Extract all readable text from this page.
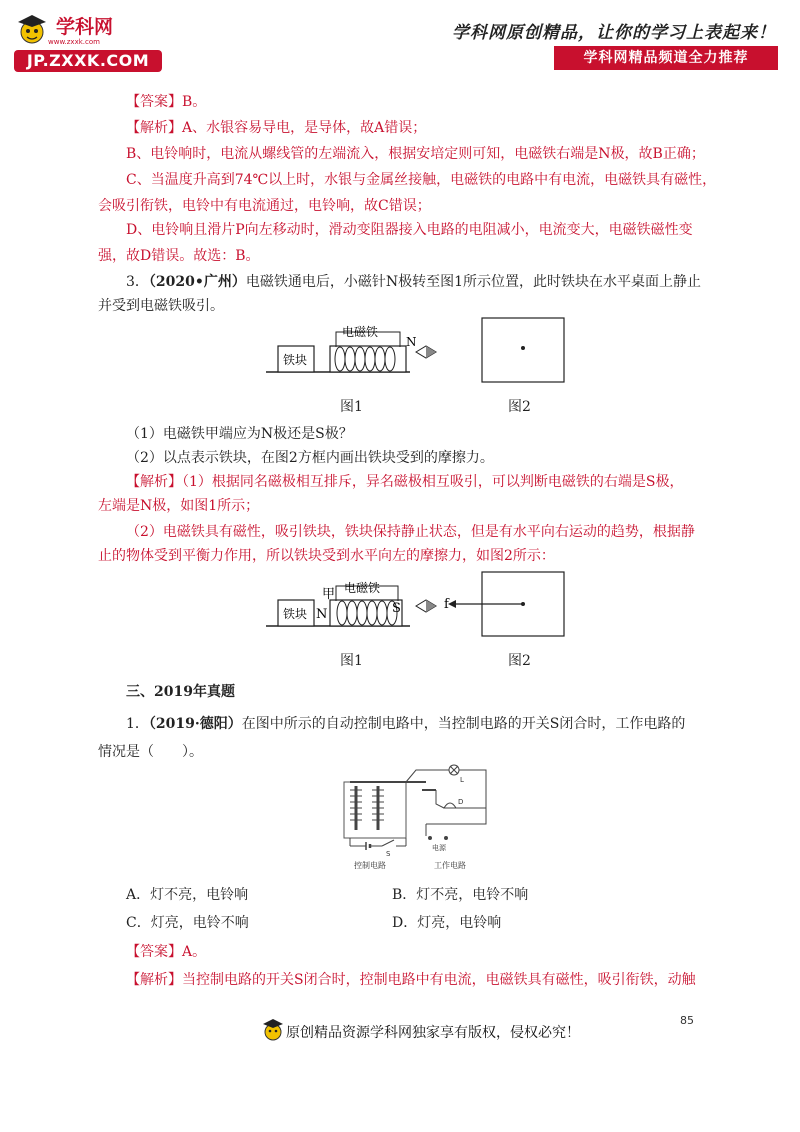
学科网
www.zxxk.com
JP.ZXXK.COM
学科网原创精品，让你的学习上表起来！
学科网精品频道全力推荐
【答案】B。
【解析】A、水银容易导电，是导体，故A错误；
B、电铃响时，电流从螺线管的左端流入，根据安培定则可知，电磁铁右端是N极，故B正确；
C、当温度升高到74℃以上时，水银与金属丝接触，电磁铁的电路中有电流，电磁铁具有磁性，
会吸引衔铁，电铃中有电流通过，电铃响，故C错误；
D、电铃响且滑片P向左移动时，滑动变阻器接入电路的电阻减小，电流变大，电磁铁磁性变
强，故D错误。故选：B。
3．（2020•广州）电磁铁通电后，小磁针N极转至图1所示位置，此时铁块在水平桌面上静止
并受到电磁铁吸引。
铁块
电磁铁
N
图1	图2
（1）电磁铁甲端应为N极还是S极？
（2）以点表示铁块，在图2方框内画出铁块受到的摩擦力。
【解析】（1）根据同名磁极相互排斥，异名磁极相互吸引，可以判断电磁铁的右端是S极，
左端是N极，如图1所示；
（2）电磁铁具有磁性，吸引铁块，铁块保持静止状态，但是有水平向右运动的趋势，根据静
止的物体受到平衡力作用，所以铁块受到水平向左的摩擦力，如图2所示：
铁块 N
甲 电磁铁
S	f
图1	图2
三、2019年真题
1．（2019·德阳）在图中所示的自动控制电路中，当控制电路的开关S闭合时，工作电路的
情况是（　　）。
L
D
S
电源
控制电路	工作电路
A．灯不亮，电铃响	B．灯不亮，电铃不响
C．灯亮，电铃不响	D．灯亮，电铃响
【答案】A。
【解析】当控制电路的开关S闭合时，控制电路中有电流，电磁铁具有磁性，吸引衔铁，动触
85
原创精品资源学科网独家享有版权，侵权必究！
